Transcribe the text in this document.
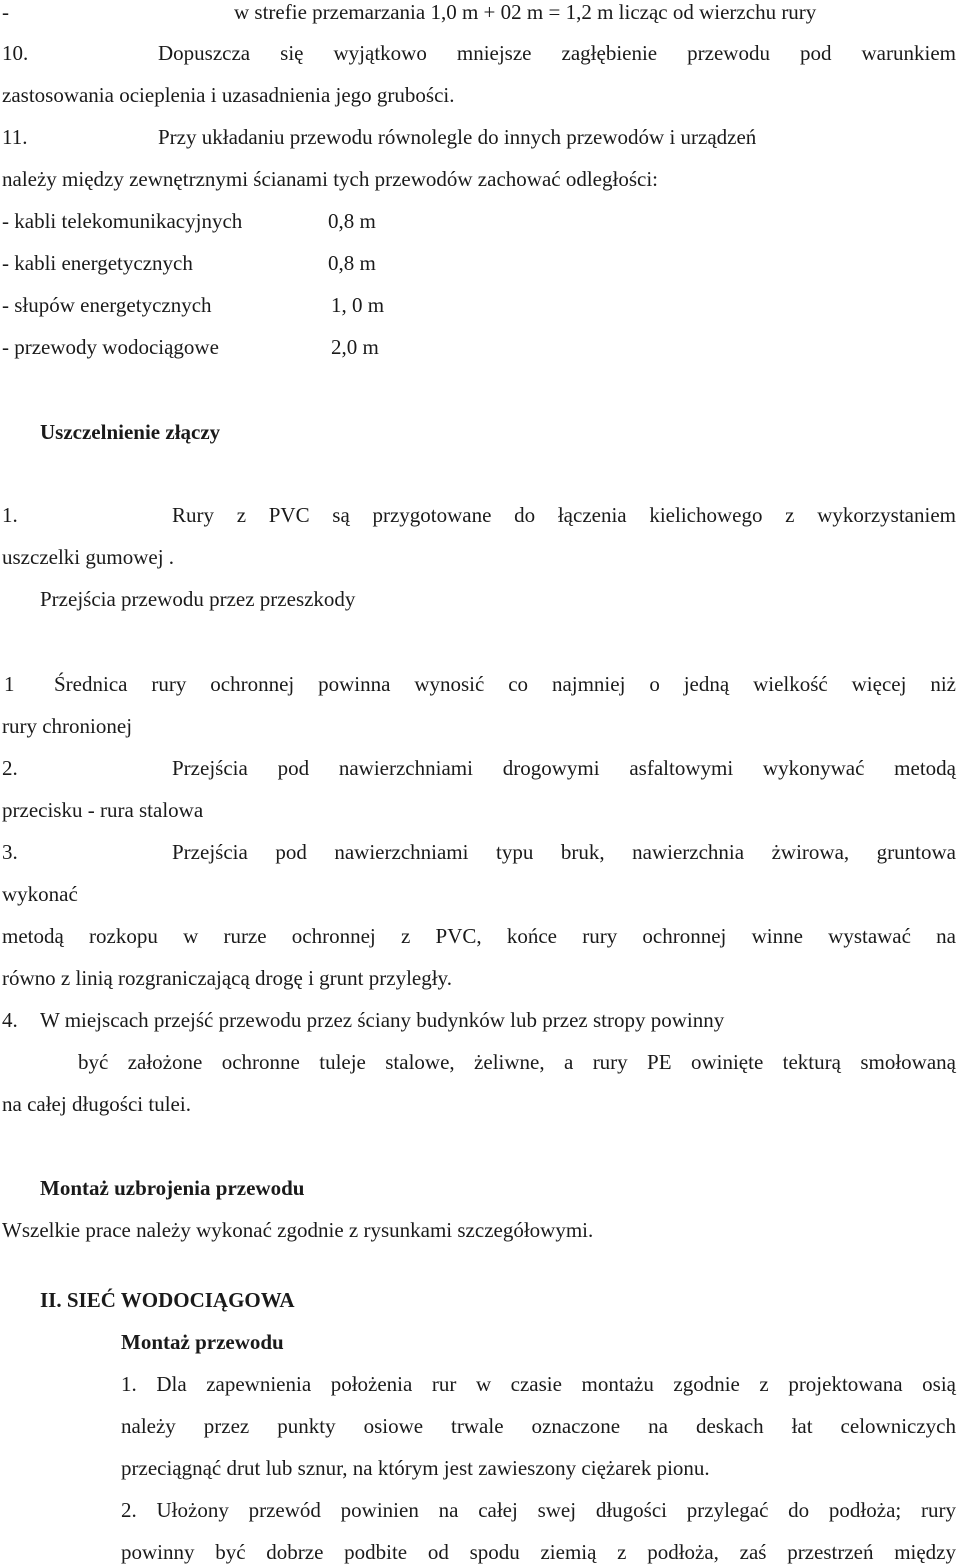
-	w strefie przemarzania 1,0 m + 02 m = 1,2 m licząc od wierzchu rury
10.	Dopuszcza się wyjątkowo mniejsze zagłębienie przewodu pod warunkiem
zastosowania ocieplenia i uzasadnienia jego grubości.
11.	Przy układaniu przewodu równolegle do innych przewodów i urządzeń
należy między zewnętrznymi ścianami tych przewodów zachować odległości:
- kabli telekomunikacyjnych	0,8 m
- kabli energetycznych	0,8 m
- słupów energetycznych	1, 0 m
- przewody wodociągowe	2,0 m
Uszczelnienie złączy
1.	Rury z PVC są przygotowane do łączenia kielichowego z wykorzystaniem
uszczelki gumowej .
Przejścia przewodu przez przeszkody
1 Średnica rury ochronnej powinna wynosić co najmniej o jedną wielkość więcej niż
rury chronionej
2.	Przejścia pod nawierzchniami drogowymi asfaltowymi wykonywać metodą
przecisku - rura stalowa
3.	Przejścia pod nawierzchniami typu bruk, nawierzchnia żwirowa, gruntowa
wykonać
metodą rozkopu w rurze ochronnej z PVC, końce rury ochronnej winne wystawać na
równo z linią rozgraniczającą drogę i grunt przyległy.
4. W miejscach przejść przewodu przez ściany budynków lub przez stropy powinny
być założone ochronne tuleje stalowe, żeliwne, a rury PE owinięte tekturą smołowaną
na całej długości tulei.
Montaż uzbrojenia przewodu
Wszelkie prace należy wykonać zgodnie z rysunkami szczegółowymi.
II. SIEĆ WODOCIĄGOWA
Montaż przewodu
1. Dla zapewnienia położenia rur w czasie montażu zgodnie z projektowana osią
należy przez punkty osiowe trwale oznaczone na deskach łat celowniczych
przeciągnąć drut lub sznur, na którym jest zawieszony ciężarek pionu.
2. Ułożony przewód powinien na całej swej długości przylegać do podłoża; rury
powinny być dobrze podbite od spodu ziemią z podłoża, zaś przestrzeń między
